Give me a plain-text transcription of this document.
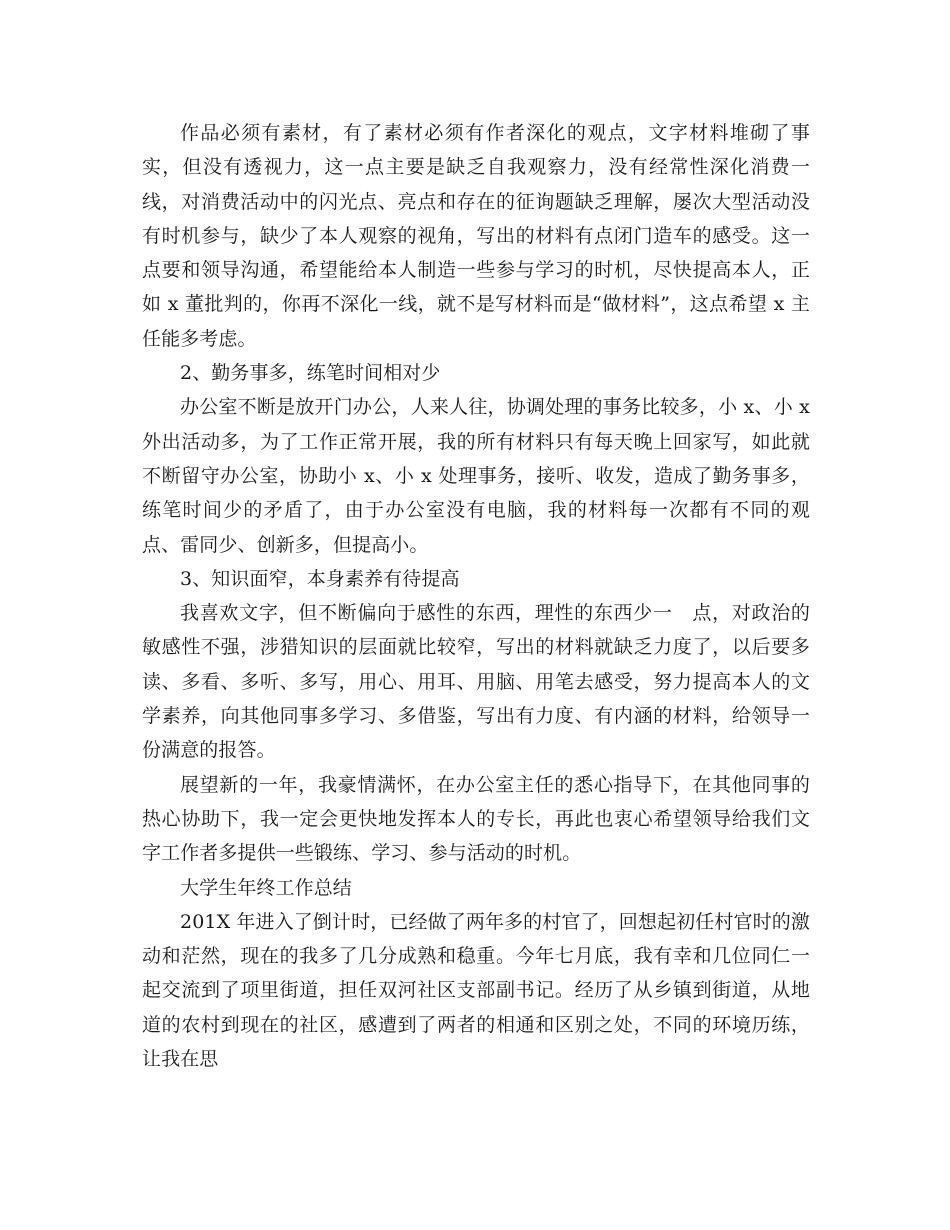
作品必须有素材，有了素材必须有作者深化的观点，文字材料堆砌了事实，但没有透视力，这一点主要是缺乏自我观察力，没有经常性深化消费一线，对消费活动中的闪光点、亮点和存在的征询题缺乏理解，屡次大型活动没有时机参与，缺少了本人观察的视角，写出的材料有点闭门造车的感受。这一点要和领导沟通，希望能给本人制造一些参与学习的时机，尽快提高本人，正如 x 董批判的，你再不深化一线，就不是写材料而是“做材料”，这点希望 x 主任能多考虑。

2、勤务事多，练笔时间相对少

办公室不断是放开门办公，人来人往，协调处理的事务比较多，小 x、小 x 外出活动多，为了工作正常开展，我的所有材料只有每天晚上回家写，如此就不断留守办公室，协助小 x、小 x 处理事务，接听、收发，造成了勤务事多，练笔时间少的矛盾了，由于办公室没有电脑，我的材料每一次都有不同的观点、雷同少、创新多，但提高小。

3、知识面窄，本身素养有待提高

我喜欢文字，但不断偏向于感性的东西，理性的东西少一　点，对政治的敏感性不强，涉猎知识的层面就比较窄，写出的材料就缺乏力度了，以后要多读、多看、多听、多写，用心、用耳、用脑、用笔去感受，努力提高本人的文学素养，向其他同事多学习、多借鉴，写出有力度、有内涵的材料，给领导一份满意的报答。

展望新的一年，我豪情满怀，在办公室主任的悉心指导下，在其他同事的热心协助下，我一定会更快地发挥本人的专长，再此也衷心希望领导给我们文字工作者多提供一些锻练、学习、参与活动的时机。

大学生年终工作总结

201X 年进入了倒计时，已经做了两年多的村官了，回想起初任村官时的激动和茫然，现在的我多了几分成熟和稳重。今年七月底，我有幸和几位同仁一起交流到了项里街道，担任双河社区支部副书记。经历了从乡镇到街道，从地道的农村到现在的社区，感遭到了两者的相通和区别之处，不同的环境历练，让我在思
